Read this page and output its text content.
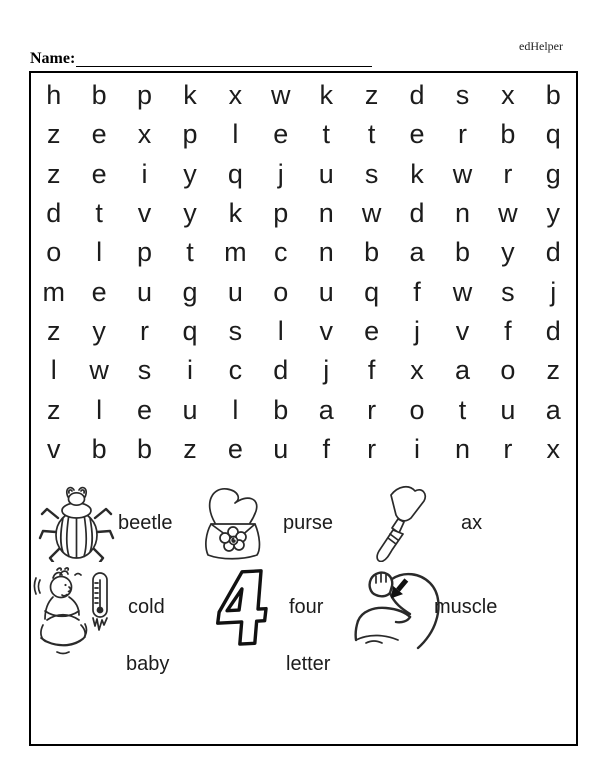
edHelper
Name:
h b p k x w k z d s x b
z e x p l e t t e r b q
z e i y q j u s k w r g
d t v y k p n w d n w y
o l p t m c n b a b y d
m e u g u o u q f w s j
z y r q s l v e j v f d
l w s i c d j f x a o z
z l e u l b a r o t u a
v b b z e u f r i n r x
beetle	purse	ax
cold	four	muscle
baby	letter
